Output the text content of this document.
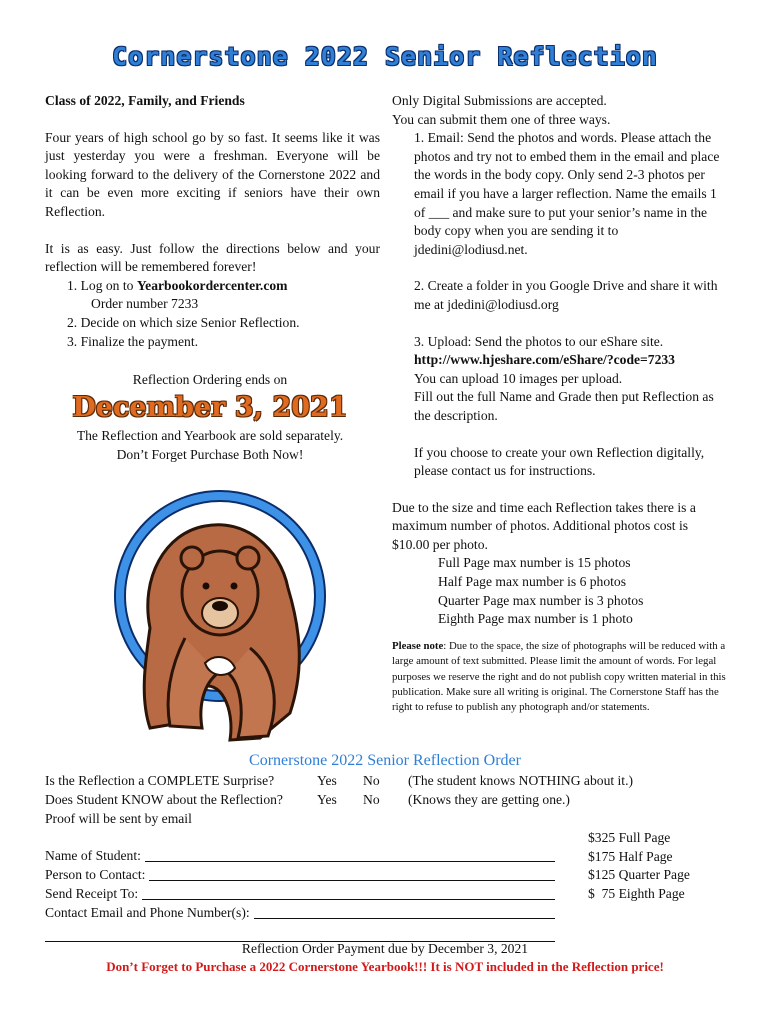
Cornerstone 2022 Senior Reflection

Class of 2022, Family, and Friends

Four years of high school go by so fast. It seems like it was just yesterday you were a freshman. Everyone will be looking forward to the delivery of the Cornerstone 2022 and it can be even more exciting if seniors have their own Reflection.

It is as easy. Just follow the directions below and your reflection will be remembered forever!

1. Log on to Yearbookordercenter.com

Order number 7233

2. Decide on which size Senior Reflection.

3. Finalize the payment.

Reflection Ordering ends on
December 3, 2021

The Reflection and Yearbook are sold separately.

Don’t Forget Purchase Both Now!

Only Digital Submissions are accepted.

You can submit them one of three ways.

1. Email: Send the photos and words. Please attach the photos and try not to embed them in the email and place the words in the body copy. Only send 2-3 photos per email if you have a larger reflection. Name the emails 1 of ___ and make sure to put your senior’s name in the body copy when you are sending it to jdedini@lodiusd.net.

2. Create a folder in you Google Drive and share it with me at jdedini@lodiusd.org

3. Upload: Send the photos to our eShare site.

http://www.hjeshare.com/eShare/?code=7233

You can upload 10 images per upload.

Fill out the full Name and Grade then put Reflection as the description.

If you choose to create your own Reflection digitally, please contact us for instructions.

Due to the size and time each Reflection takes there is a maximum number of photos. Additional photos cost is $10.00 per photo.

Full Page max number is 15 photos

Half Page max number is 6 photos

Quarter Page max number is 3 photos

Eighth Page max number is 1 photo

Please note: Due to the space, the size of photographs will be reduced with a large amount of text submitted. Please limit the amount of words. For legal purposes we reserve the right and do not publish copy written material in this publication. Make sure all writing is original. The Cornerstone Staff has the right to refuse to publish any photograph and/or statements.

Cornerstone 2022 Senior Reflection Order
Is the Reflection a COMPLETE Surprise?	Yes No (The student knows NOTHING about it.)
Does Student KNOW about the Reflection?	Yes No (Knows they are getting one.)
Proof will be sent by email
Name of Student:
Person to Contact:
Send Receipt To:
Contact Email and Phone Number(s):

$325 Full Page

$175 Half Page

$125 Quarter Page

$  75 Eighth Page

Reflection Order Payment due by December 3, 2021
Don’t Forget to Purchase a 2022 Cornerstone Yearbook!!! It is NOT included in the Reflection price!
